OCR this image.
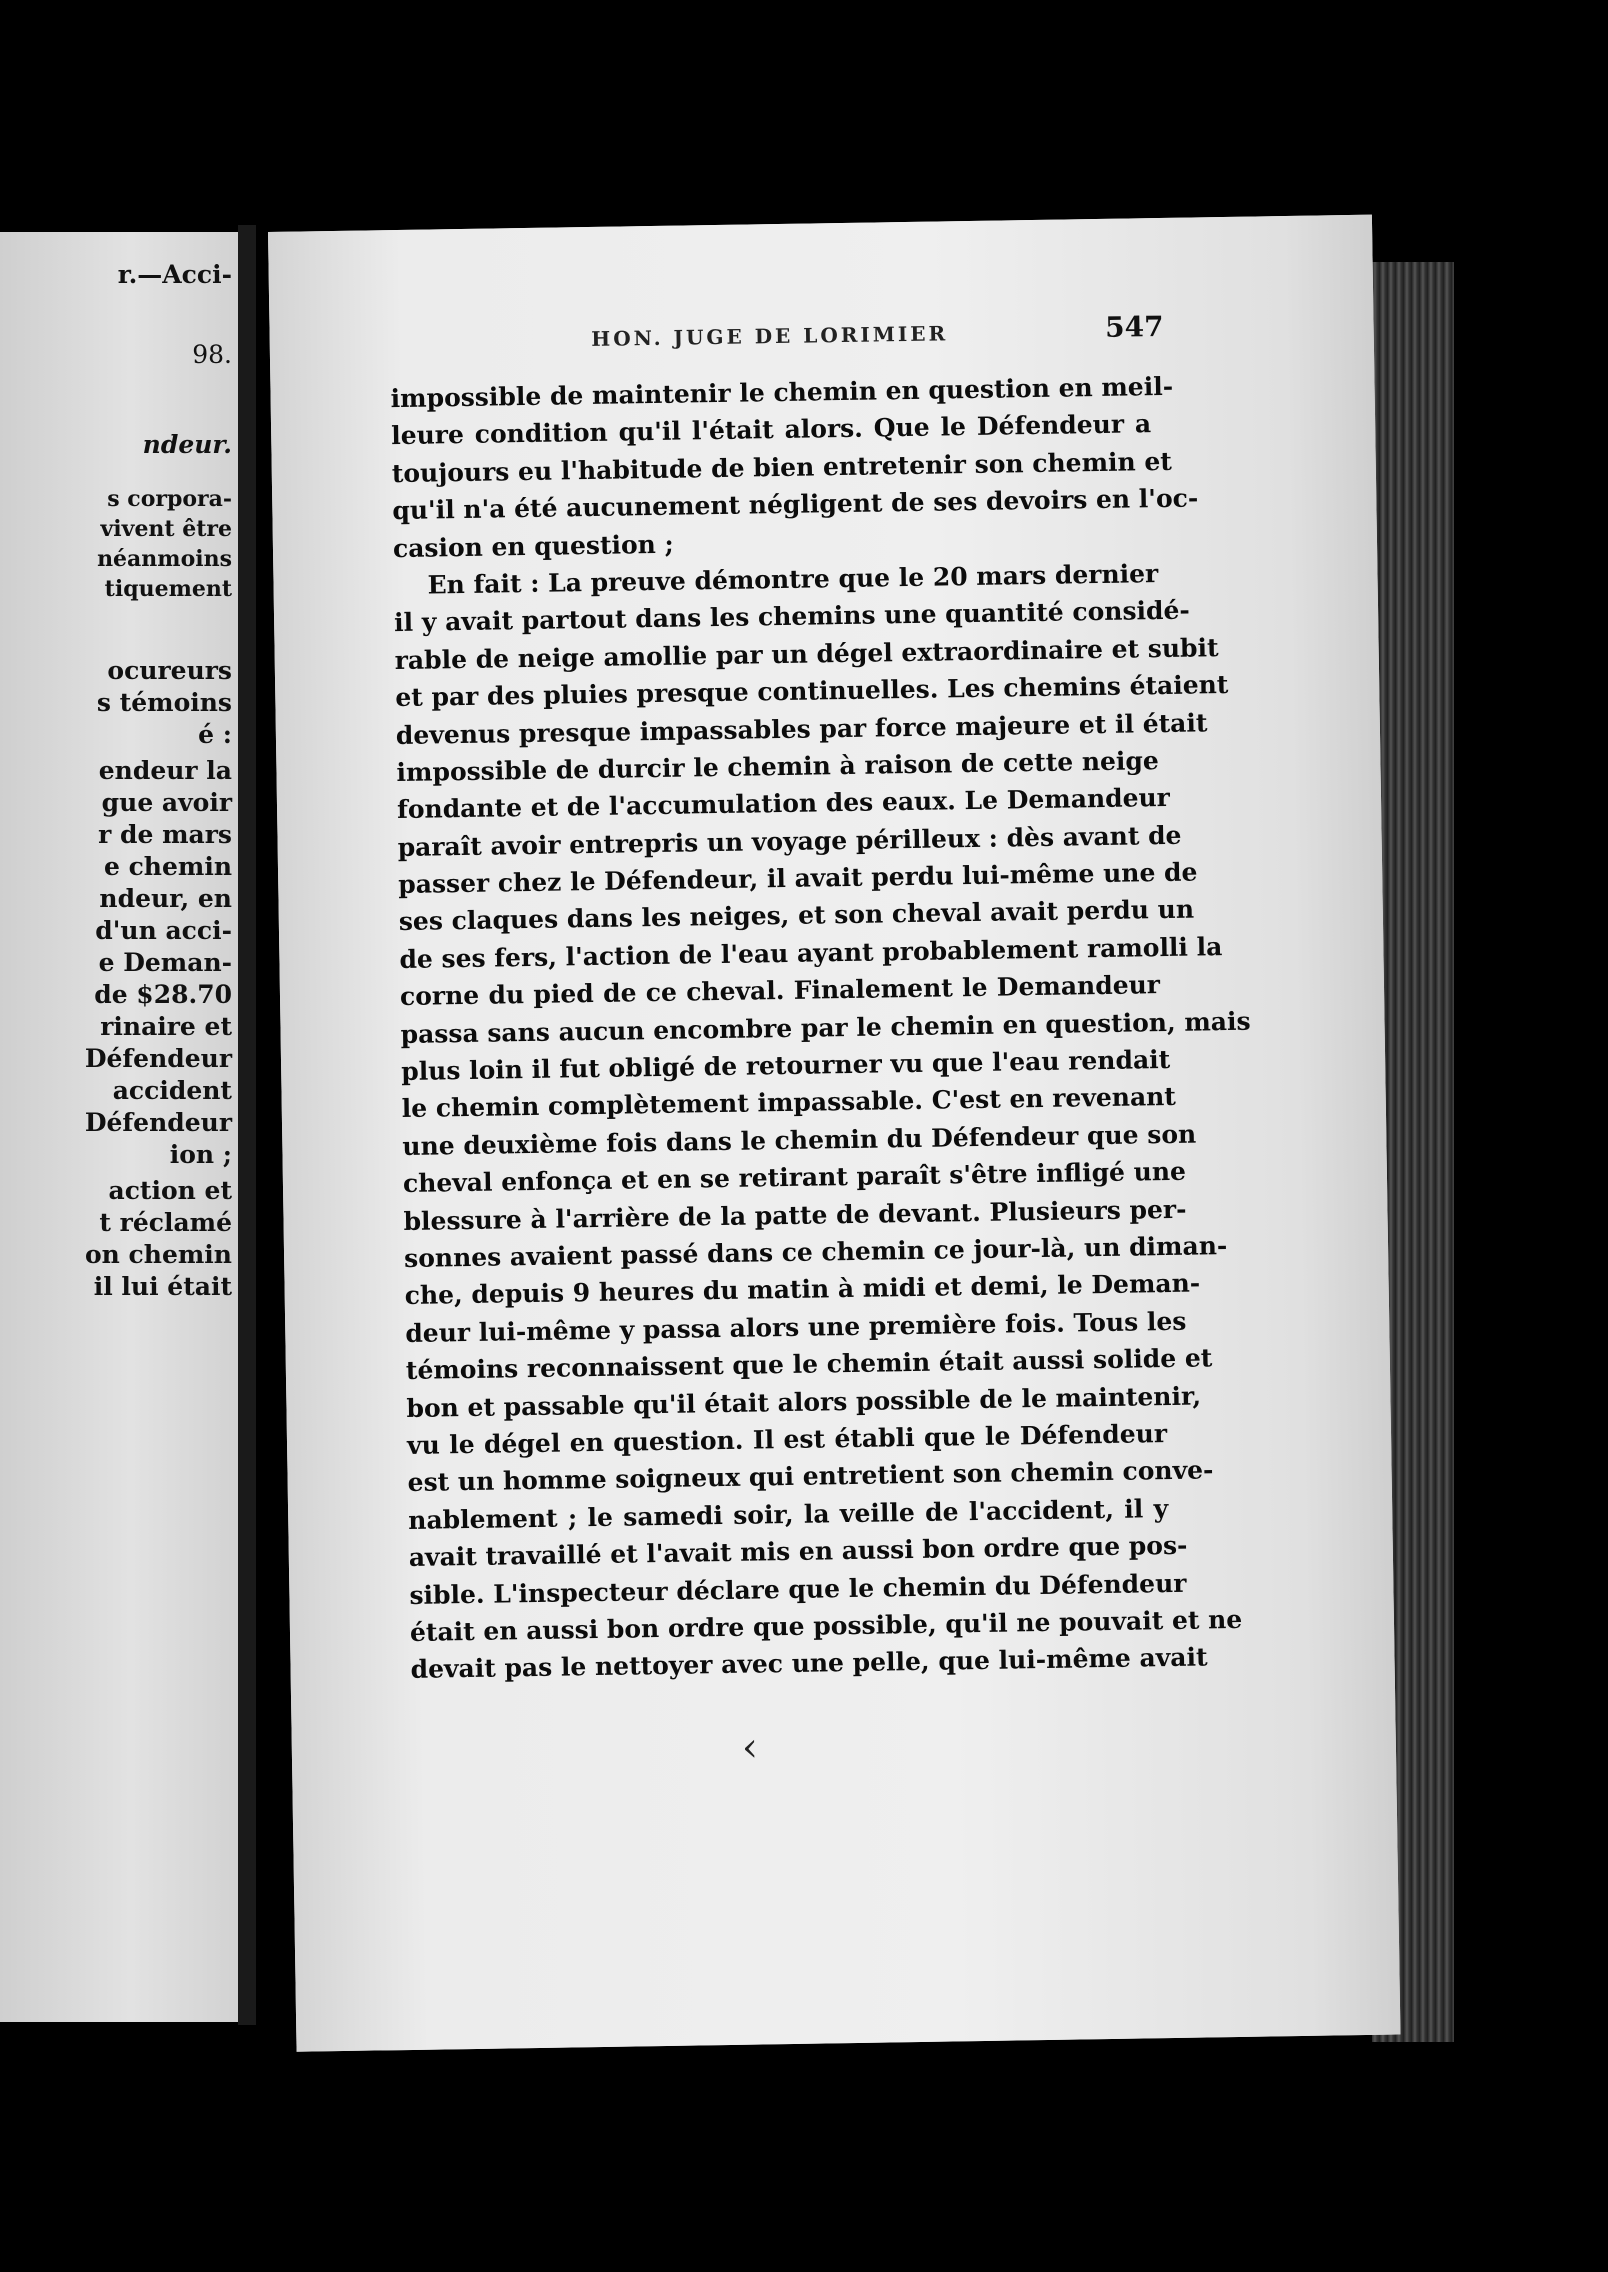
r.—Acci-
98.
ndeur.
s corpora-
vivent être
néanmoins
tiquement
ocureurs
s témoins
é :
endeur la
gue avoir
r de mars
e chemin
ndeur, en
d'un acci-
e Deman-
de $28.70
rinaire et
Défendeur
accident
Défendeur
ion ;
action et
t réclamé
on chemin
il lui était
HON. JUGE DE LORIMIER	547
impossible de maintenir le chemin en question en meil-
leure condition qu'il l'était alors. Que le Défendeur a
toujours eu l'habitude de bien entretenir son chemin et
qu'il n'a été aucunement négligent de ses devoirs en l'oc-
casion en question ;
En fait : La preuve démontre que le 20 mars dernier
il y avait partout dans les chemins une quantité considé-
rable de neige amollie par un dégel extraordinaire et subit
et par des pluies presque continuelles. Les chemins étaient
devenus presque impassables par force majeure et il était
impossible de durcir le chemin à raison de cette neige
fondante et de l'accumulation des eaux. Le Demandeur
paraît avoir entrepris un voyage périlleux : dès avant de
passer chez le Défendeur, il avait perdu lui-même une de
ses claques dans les neiges, et son cheval avait perdu un
de ses fers, l'action de l'eau ayant probablement ramolli la
corne du pied de ce cheval. Finalement le Demandeur
passa sans aucun encombre par le chemin en question, mais
plus loin il fut obligé de retourner vu que l'eau rendait
le chemin complètement impassable. C'est en revenant
une deuxième fois dans le chemin du Défendeur que son
cheval enfonça et en se retirant paraît s'être infligé une
blessure à l'arrière de la patte de devant. Plusieurs per-
sonnes avaient passé dans ce chemin ce jour-là, un diman-
che, depuis 9 heures du matin à midi et demi, le Deman-
deur lui-même y passa alors une première fois. Tous les
témoins reconnaissent que le chemin était aussi solide et
bon et passable qu'il était alors possible de le maintenir,
vu le dégel en question. Il est établi que le Défendeur
est un homme soigneux qui entretient son chemin conve-
nablement ; le samedi soir, la veille de l'accident, il y
avait travaillé et l'avait mis en aussi bon ordre que pos-
sible. L'inspecteur déclare que le chemin du Défendeur
était en aussi bon ordre que possible, qu'il ne pouvait et ne
devait pas le nettoyer avec une pelle, que lui-même avait
‹
